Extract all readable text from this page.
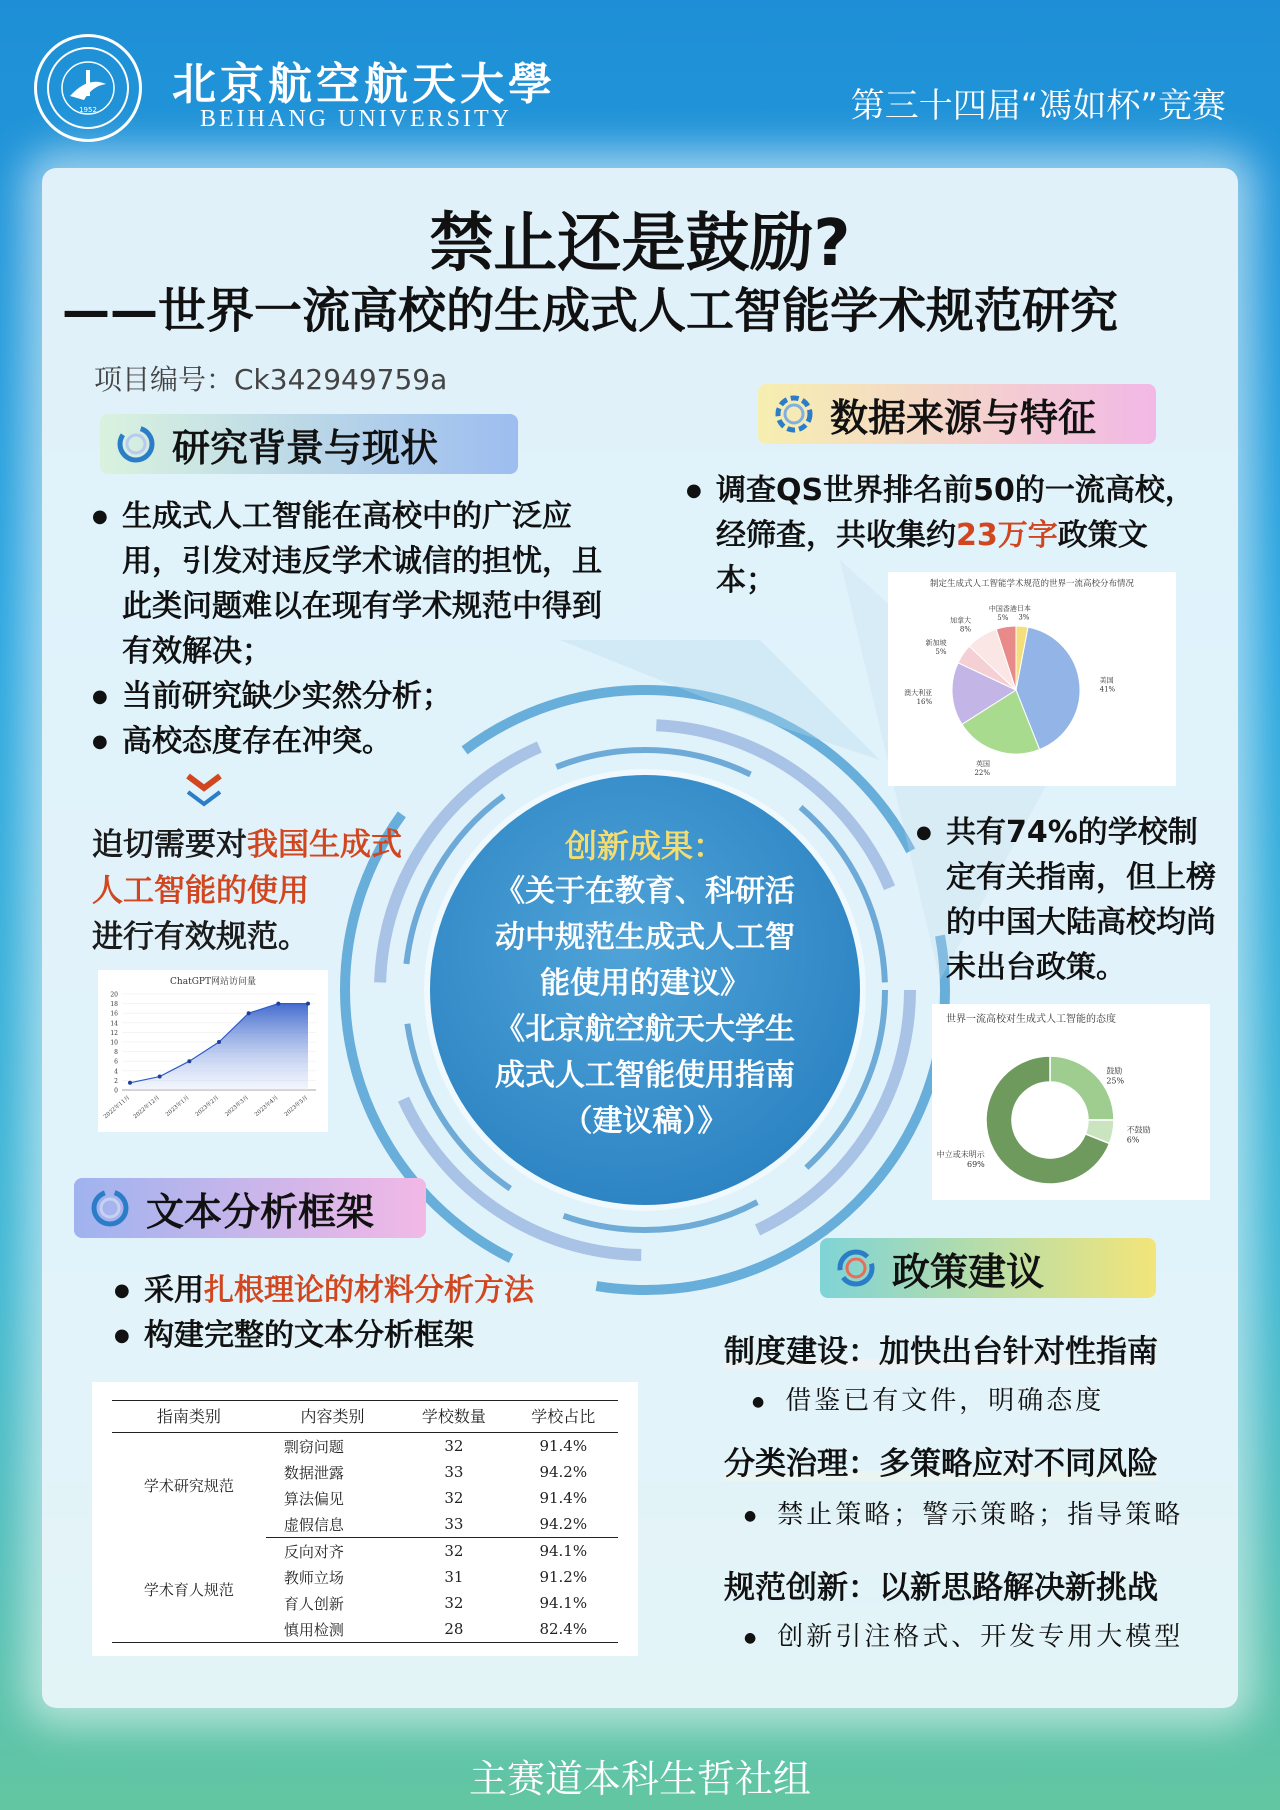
1952 北京航空航天大學
BEIHANG UNIVERSITY	第三十四届“馮如杯”竞赛
禁止还是鼓励?
——世界一流高校的生成式人工智能学术规范研究
项目编号：Ck342949759a
研究背景与现状
● 生成式人工智能在高校中的广泛应用，引发对违反学术诚信的担忧，且此类问题难以在现有学术规范中得到有效解决；
● 当前研究缺少实然分析；
● 高校态度存在冲突。
迫切需要对我国生成式人工智能的使用
进行有效规范。
ChatGPT网站访问量
0
2
4
6
8
10
12
14
16
18
20
2022年11月 2022年12月 2023年1月 2023年2月 2023年3月 2023年4月 2023年5月
数据来源与特征
● 调查QS世界排名前50的一流高校，经筛查，共收集约23万字政策文本；	制定生成式人工智能学术规范的世界一流高校分布情况
美国
41%
英国
22%
澳大利亚
16%
新加坡
5%
加拿大
8%
中国香港
5%
日本
3%
● 共有74%的学校制定有关指南，但上榜的中国大陆高校均尚未出台政策。
世界一流高校对生成式人工智能的态度
鼓励
25%
不鼓励
6%
中立或未明示
69%
创新成果：
《关于在教育、科研活
动中规范生成式人工智
能使用的建议》
《北京航空航天大学生
成式人工智能使用指南
（建议稿）》
文本分析框架
● 采用扎根理论的材料分析方法
● 构建完整的文本分析框架
指南类别	内容类别	学校数量	学校占比
学术研究规范	剽窃问题	32	91.4%
	数据泄露	33	94.2%
	算法偏见	32	91.4%
	虚假信息	33	94.2%
学术育人规范	反向对齐	32	94.1%
	教师立场	31	91.2%
	育人创新	32	94.1%
	慎用检测	28	82.4%
政策建议
制度建设：加快出台针对性指南
● 借鉴已有文件，明确态度
分类治理：多策略应对不同风险
● 禁止策略；警示策略；指导策略
规范创新：以新思路解决新挑战
● 创新引注格式、开发专用大模型
主赛道本科生哲社组
